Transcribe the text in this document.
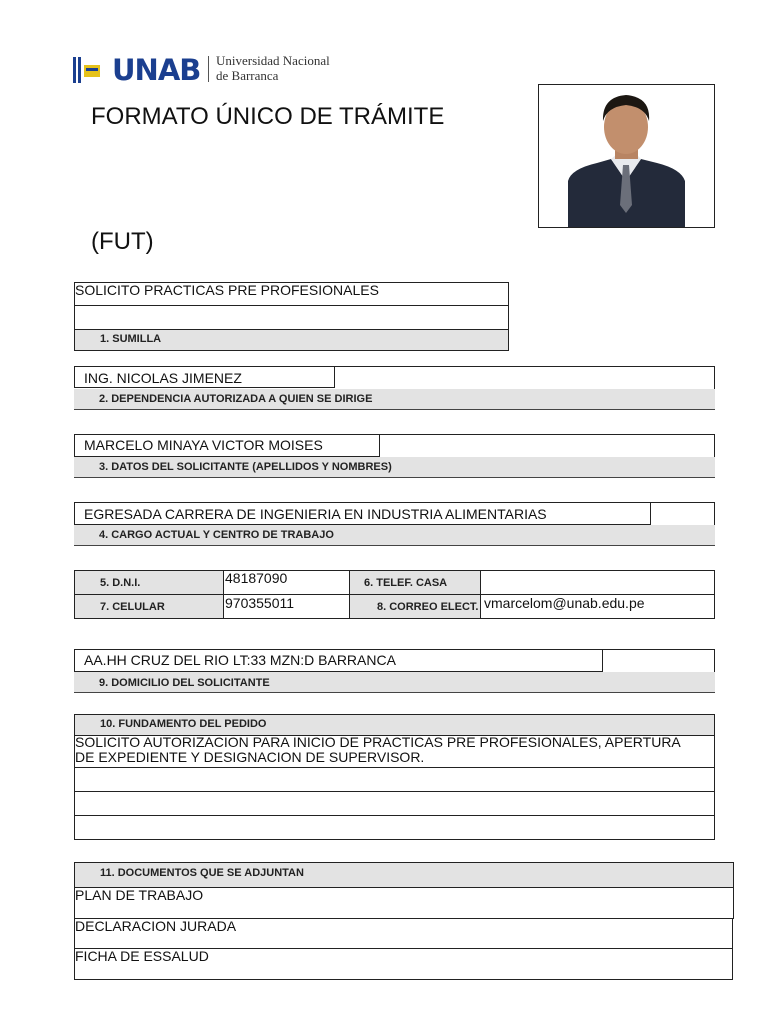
UNAB Universidad Nacional
de Barranca
FORMATO ÚNICO DE TRÁMITE
(FUT)
SOLICITO PRACTICAS PRE PROFESIONALES
1. SUMILLA
ING. NICOLAS JIMENEZ
2. DEPENDENCIA AUTORIZADA A QUIEN SE DIRIGE
MARCELO MINAYA VICTOR MOISES
3. DATOS DEL SOLICITANTE (APELLIDOS Y NOMBRES)
EGRESADA CARRERA DE INGENIERIA EN INDUSTRIA ALIMENTARIAS
4. CARGO ACTUAL Y CENTRO DE TRABAJO
5. D.N.I.	48187090	6. TELEF. CASA
7. CELULAR	970355011	8. CORREO ELECT. vmarcelom@unab.edu.pe
AA.HH CRUZ DEL RIO LT:33 MZN:D BARRANCA
9. DOMICILIO DEL SOLICITANTE
10. FUNDAMENTO DEL PEDIDO
SOLICITO AUTORIZACION PARA INICIO DE PRACTICAS PRE PROFESIONALES, APERTURA
DE EXPEDIENTE Y DESIGNACION DE SUPERVISOR.
11. DOCUMENTOS QUE SE ADJUNTAN
PLAN DE TRABAJO
DECLARACION JURADA
FICHA DE ESSALUD
